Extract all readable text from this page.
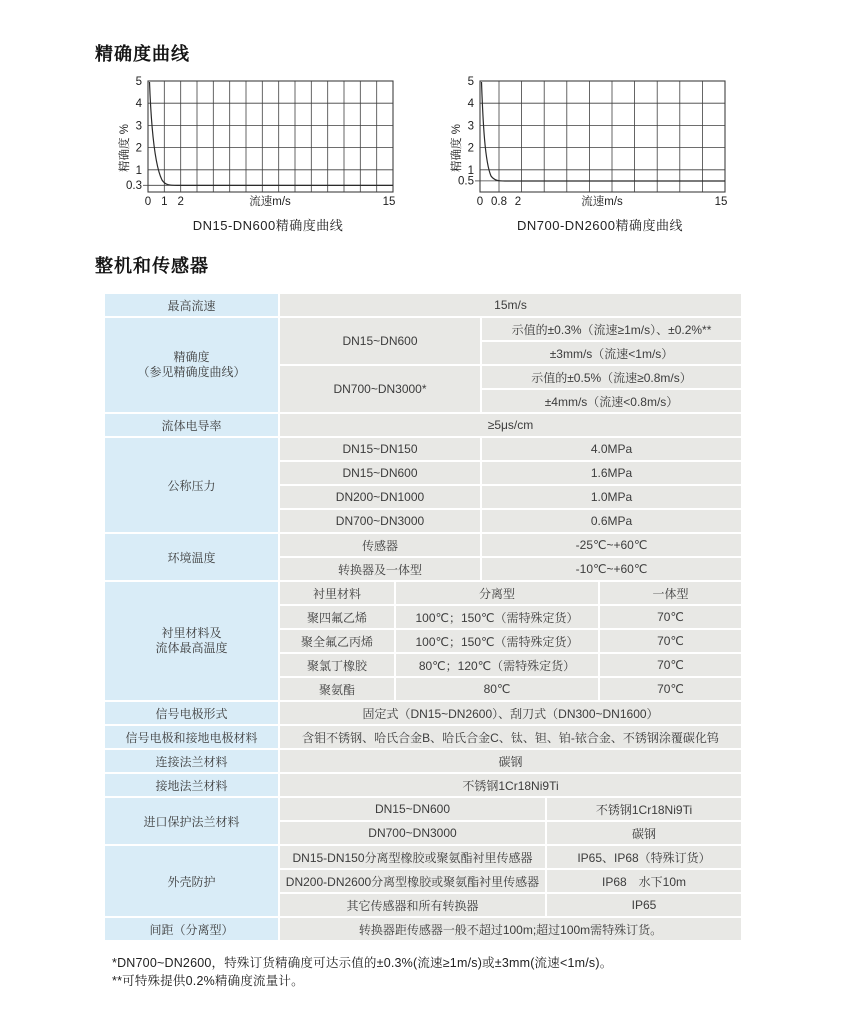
精确度曲线
5
4
3
2
1
0.3
0 1 2	15
流速m/s
精确度 %
DN15-DN600精确度曲线
5
4
3
2
1
0.5
0 0.8 2	15
流速m/s
精确度 %
DN700-DN2600精确度曲线
整机和传感器
最高流速	15m/s				

精确度
（参见精确度曲线）	DN15~DN600		示值的±0.3%（流速≥1m/s）、±0.2%**		
			±3mm/s（流速<1m/s）		
	DN700~DN3000*		示值的±0.5%（流速≥0.8m/s）		
			±4mm/s（流速<0.8m/s）		
流体电导率	≥5μs/cm				
公称压力	DN15~DN150		4.0MPa		
	DN15~DN600		1.6MPa		
	DN200~DN1000		1.0MPa		
	DN700~DN3000		0.6MPa		
环境温度	传感器		-25℃~+60℃		
	转换器及一体型		-10℃~+60℃		

衬里材料及
流体最高温度	衬里材料	分离型			一体型
	聚四氟乙烯	100℃；150℃（需特殊定货）			70℃
	聚全氟乙丙烯	100℃；150℃（需特殊定货）			70℃
	聚氯丁橡胶	80℃；120℃（需特殊定货）			70℃
	聚氨酯	80℃			70℃
信号电极形式	固定式（DN15~DN2600）、刮刀式（DN300~DN1600）				
信号电极和接地电极材料	含钼不锈钢、哈氏合金B、哈氏合金C、钛、钽、铂-铱合金、不锈钢涂覆碳化钨				
连接法兰材料	碳钢				
接地法兰材料	不锈钢1Cr18Ni9Ti				
进口保护法兰材料	DN15~DN600			不锈钢1Cr18Ni9Ti	
	DN700~DN3000			碳钢	
外壳防护	DN15-DN150分离型橡胶或聚氨酯衬里传感器			IP65、IP68（特殊订货）	
	DN200-DN2600分离型橡胶或聚氨酯衬里传感器			IP68　水下10m	
	其它传感器和所有转换器			IP65	
间距（分离型）	转换器距传感器一般不超过100m;超过100m需特殊订货。				
*DN700~DN2600，特殊订货精确度可达示值的±0.3%(流速≥1m/s)或±3mm(流速<1m/s)。
**可特殊提供0.2%精确度流量计。
